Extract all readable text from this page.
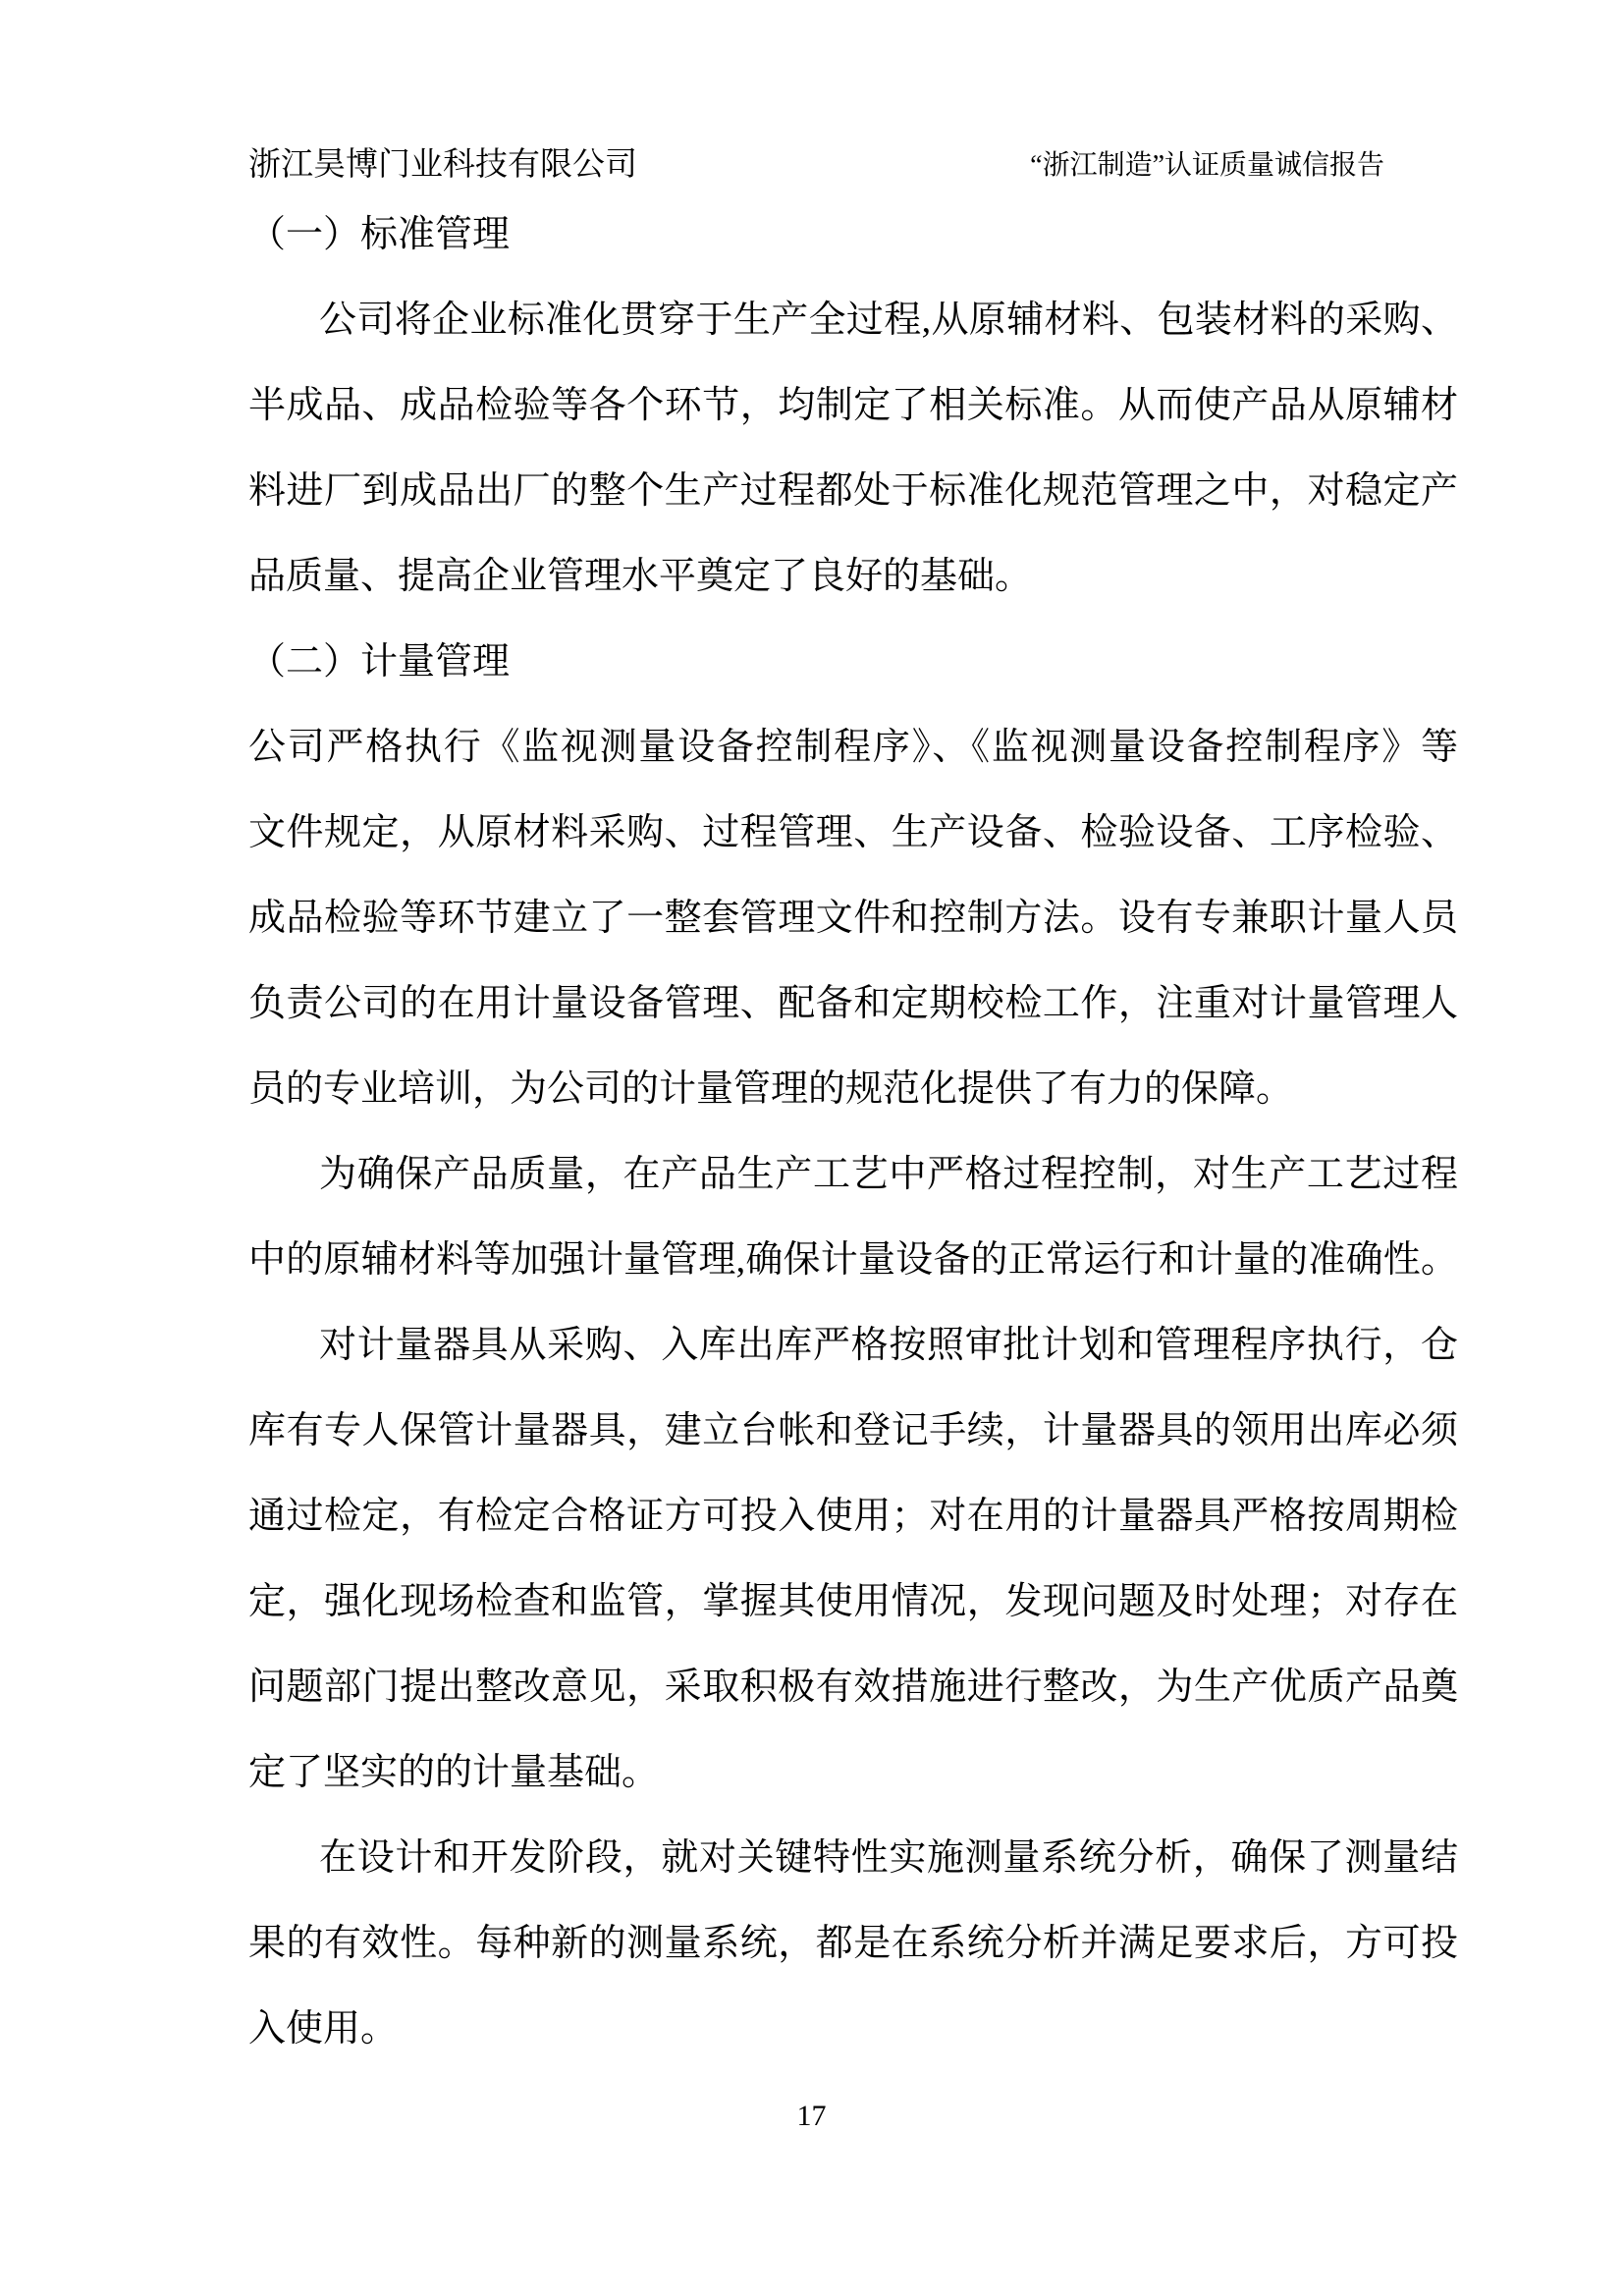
浙江昊博门业科技有限公司	“浙江制造”认证质量诚信报告
（一）标准管理
公司将企业标准化贯穿于生产全过程,从原辅材料、包装材料的采购、
半成品、成品检验等各个环节，均制定了相关标准。从而使产品从原辅材
料进厂到成品出厂的整个生产过程都处于标准化规范管理之中，对稳定产
品质量、提高企业管理水平奠定了良好的基础。
（二）计量管理
公司严格执行《监视测量设备控制程序》、《监视测量设备控制程序》等
文件规定，从原材料采购、过程管理、生产设备、检验设备、工序检验、
成品检验等环节建立了一整套管理文件和控制方法。设有专兼职计量人员
负责公司的在用计量设备管理、配备和定期校检工作，注重对计量管理人
员的专业培训，为公司的计量管理的规范化提供了有力的保障。
为确保产品质量，在产品生产工艺中严格过程控制，对生产工艺过程
中的原辅材料等加强计量管理,确保计量设备的正常运行和计量的准确性。
对计量器具从采购、入库出库严格按照审批计划和管理程序执行，仓
库有专人保管计量器具，建立台帐和登记手续，计量器具的领用出库必须
通过检定，有检定合格证方可投入使用；对在用的计量器具严格按周期检
定，强化现场检查和监管，掌握其使用情况，发现问题及时处理；对存在
问题部门提出整改意见，采取积极有效措施进行整改，为生产优质产品奠
定了坚实的的计量基础。
在设计和开发阶段，就对关键特性实施测量系统分析，确保了测量结
果的有效性。每种新的测量系统，都是在系统分析并满足要求后，方可投
入使用。
17
